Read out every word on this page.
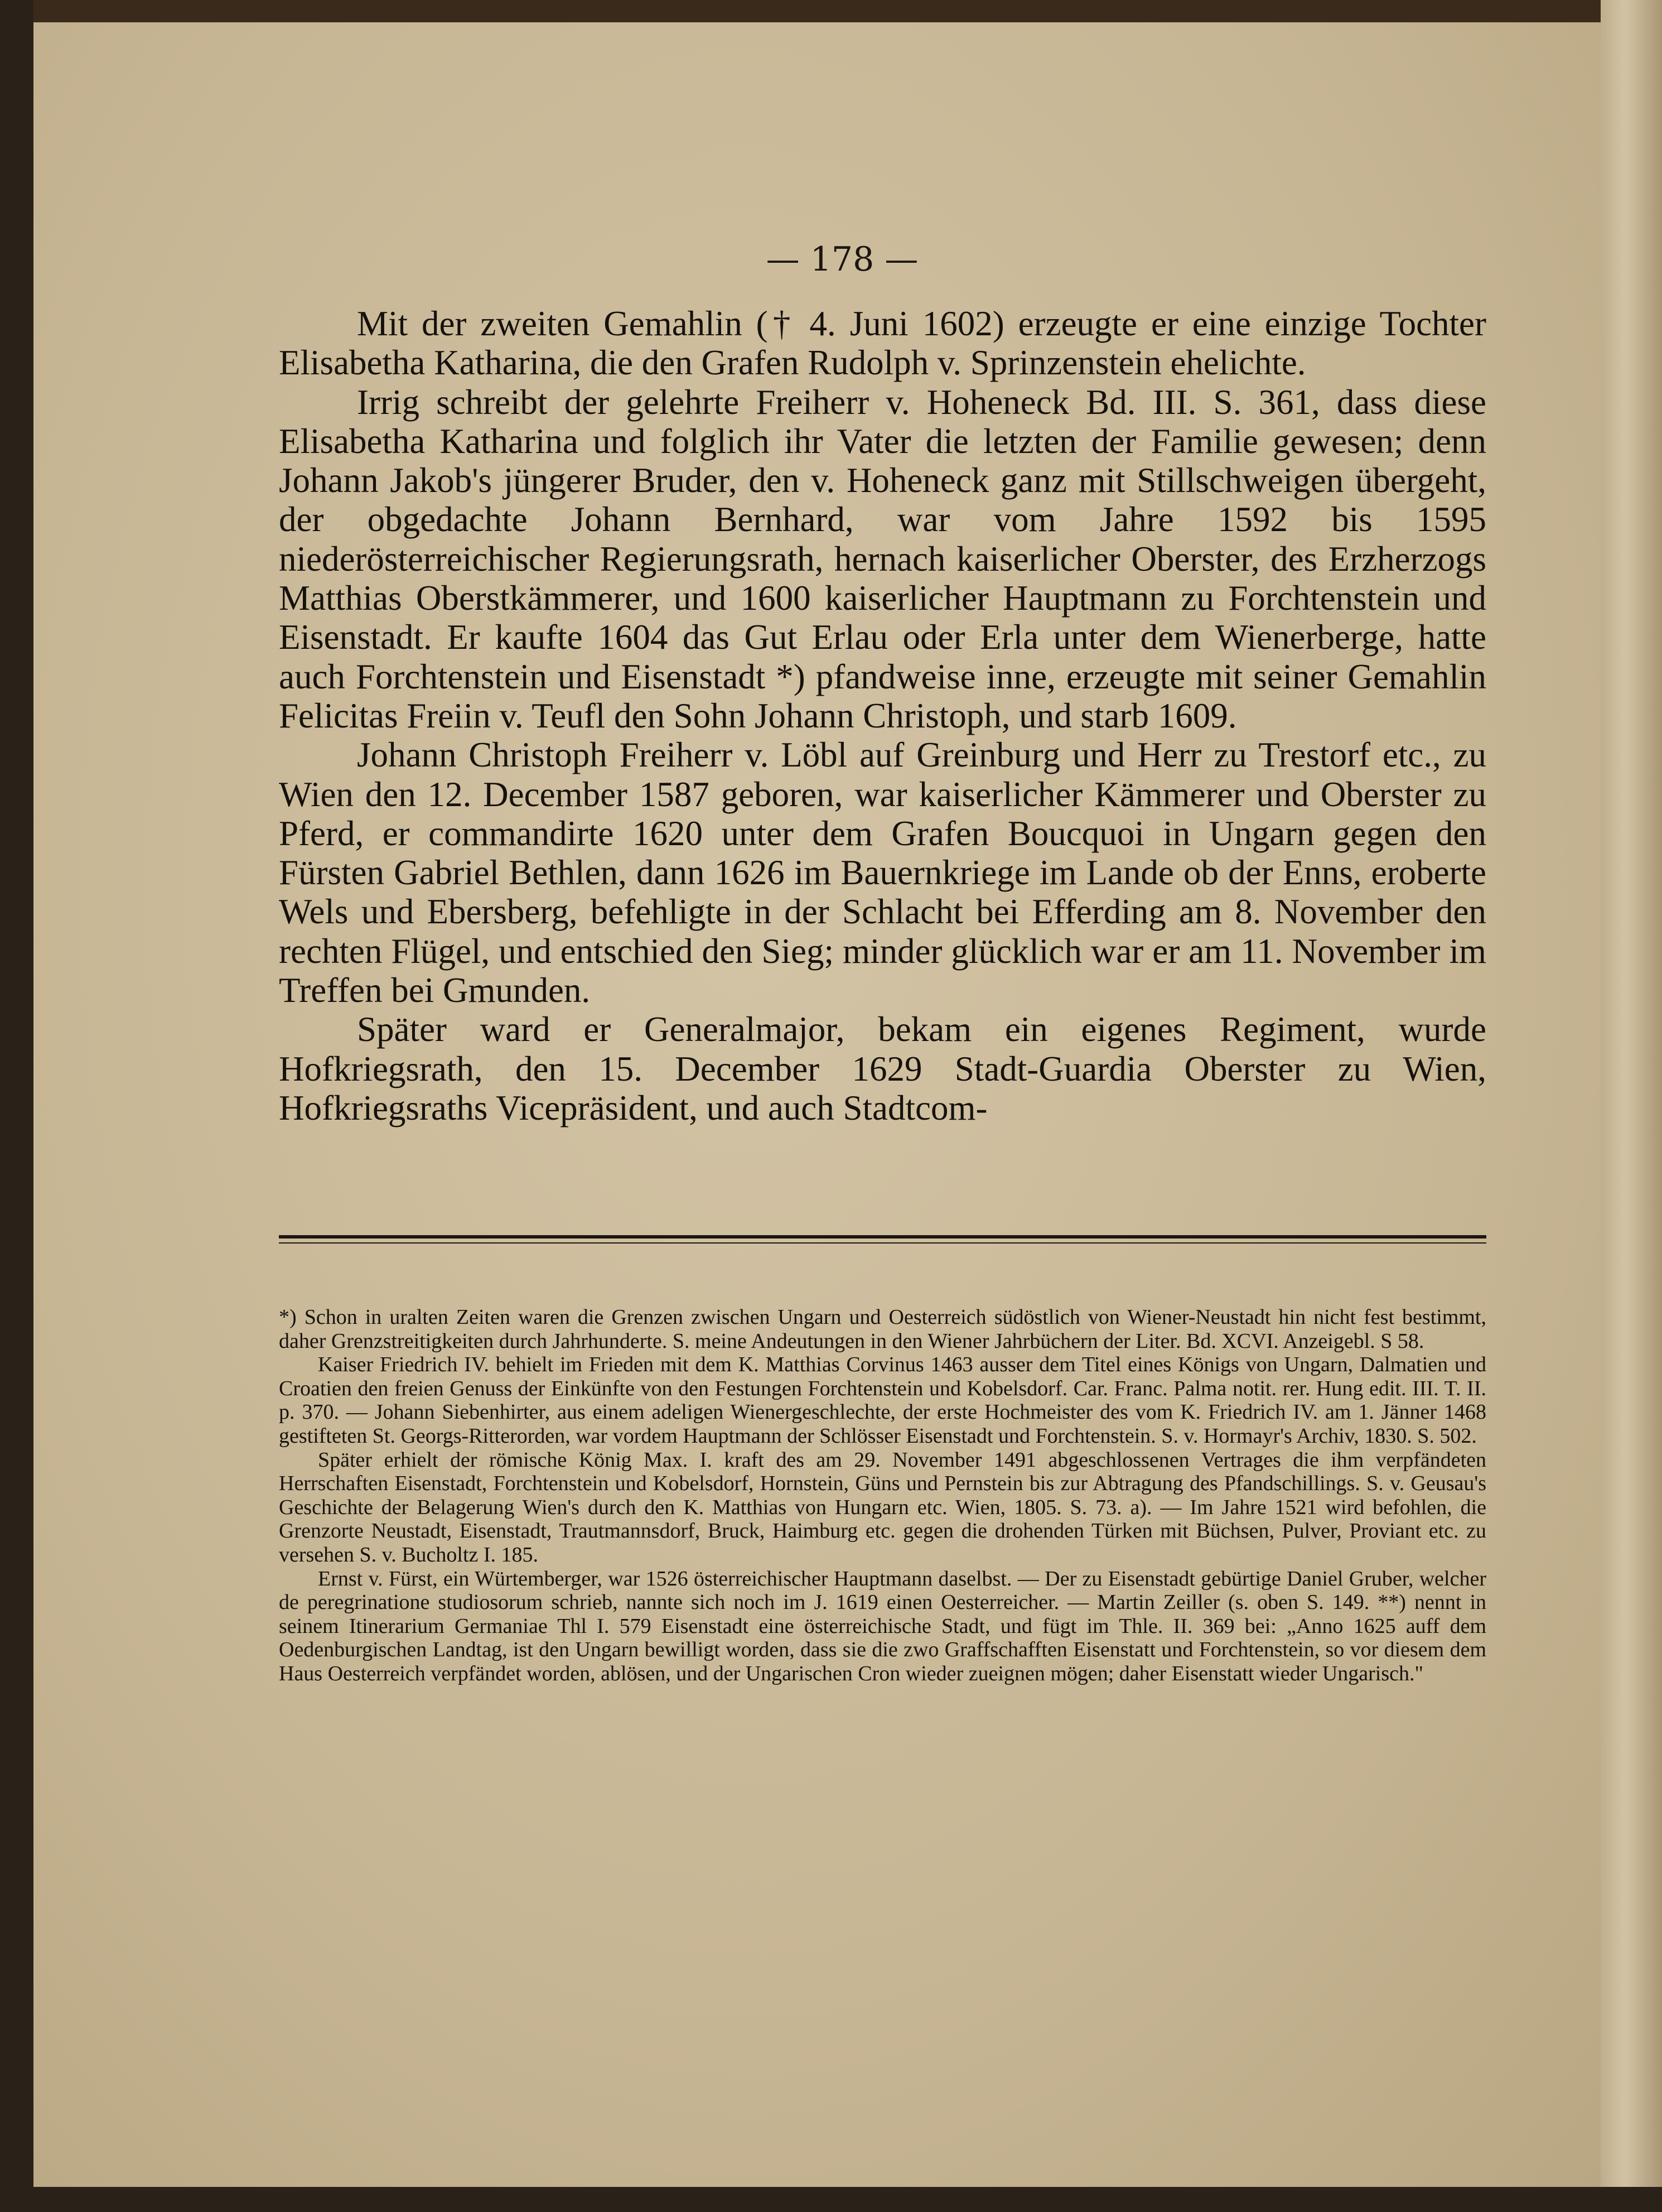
— 178 —

Mit der zweiten Gemahlin († 4. Juni 1602) erzeugte er eine einzige Tochter Elisabetha Katharina, die den Grafen Rudolph v. Sprinzenstein ehelichte.

Irrig schreibt der gelehrte Freiherr v. Hoheneck Bd. III. S. 361, dass diese Elisabetha Katharina und folglich ihr Vater die letzten der Familie gewesen; denn Johann Jakob's jüngerer Bruder, den v. Hoheneck ganz mit Stillschweigen übergeht, der obgedachte Johann Bernhard, war vom Jahre 1592 bis 1595 niederösterreichischer Regierungsrath, hernach kaiserlicher Oberster, des Erzherzogs Matthias Oberstkämmerer, und 1600 kaiserlicher Hauptmann zu Forchtenstein und Eisenstadt. Er kaufte 1604 das Gut Erlau oder Erla unter dem Wienerberge, hatte auch Forchtenstein und Eisenstadt *) pfandweise inne, erzeugte mit seiner Gemahlin Felicitas Freiin v. Teufl den Sohn Johann Christoph, und starb 1609.

Johann Christoph Freiherr v. Löbl auf Greinburg und Herr zu Trestorf etc., zu Wien den 12. December 1587 geboren, war kaiserlicher Kämmerer und Oberster zu Pferd, er commandirte 1620 unter dem Grafen Boucquoi in Ungarn gegen den Fürsten Gabriel Bethlen, dann 1626 im Bauernkriege im Lande ob der Enns, eroberte Wels und Ebersberg, befehligte in der Schlacht bei Efferding am 8. November den rechten Flügel, und entschied den Sieg; minder glücklich war er am 11. November im Treffen bei Gmunden.

Später ward er Generalmajor, bekam ein eigenes Regiment, wurde Hofkriegsrath, den 15. December 1629 Stadt-Guardia Oberster zu Wien, Hofkriegsraths Vicepräsident, und auch Stadtcom-

*) Schon in uralten Zeiten waren die Grenzen zwischen Ungarn und Oesterreich südöstlich von Wiener-Neustadt hin nicht fest bestimmt, daher Grenzstreitigkeiten durch Jahrhunderte. S. meine Andeutungen in den Wiener Jahrbüchern der Liter. Bd. XCVI. Anzeigebl. S 58.

Kaiser Friedrich IV. behielt im Frieden mit dem K. Matthias Corvinus 1463 ausser dem Titel eines Königs von Ungarn, Dalmatien und Croatien den freien Genuss der Einkünfte von den Festungen Forchtenstein und Kobelsdorf. Car. Franc. Palma notit. rer. Hung edit. III. T. II. p. 370. — Johann Siebenhirter, aus einem adeligen Wienergeschlechte, der erste Hochmeister des vom K. Friedrich IV. am 1. Jänner 1468 gestifteten St. Georgs-Ritterorden, war vordem Hauptmann der Schlösser Eisenstadt und Forchtenstein. S. v. Hormayr's Archiv, 1830. S. 502.

Später erhielt der römische König Max. I. kraft des am 29. November 1491 abgeschlossenen Vertrages die ihm verpfändeten Herrschaften Eisenstadt, Forchtenstein und Kobelsdorf, Hornstein, Güns und Pernstein bis zur Abtragung des Pfandschillings. S. v. Geusau's Geschichte der Belagerung Wien's durch den K. Matthias von Hungarn etc. Wien, 1805. S. 73. a). — Im Jahre 1521 wird befohlen, die Grenzorte Neustadt, Eisenstadt, Trautmannsdorf, Bruck, Haimburg etc. gegen die drohenden Türken mit Büchsen, Pulver, Proviant etc. zu versehen S. v. Bucholtz I. 185.

Ernst v. Fürst, ein Würtemberger, war 1526 österreichischer Hauptmann daselbst. — Der zu Eisenstadt gebürtige Daniel Gruber, welcher de peregrinatione studiosorum schrieb, nannte sich noch im J. 1619 einen Oesterreicher. — Martin Zeiller (s. oben S. 149. **) nennt in seinem Itinerarium Germaniae Thl I. 579 Eisenstadt eine österreichische Stadt, und fügt im Thle. II. 369 bei: „Anno 1625 auff dem Oedenburgischen Landtag, ist den Ungarn bewilligt worden, dass sie die zwo Graffschafften Eisenstatt und Forchtenstein, so vor diesem dem Haus Oesterreich verpfändet worden, ablösen, und der Ungarischen Cron wieder zueignen mögen; daher Eisenstatt wieder Ungarisch."
